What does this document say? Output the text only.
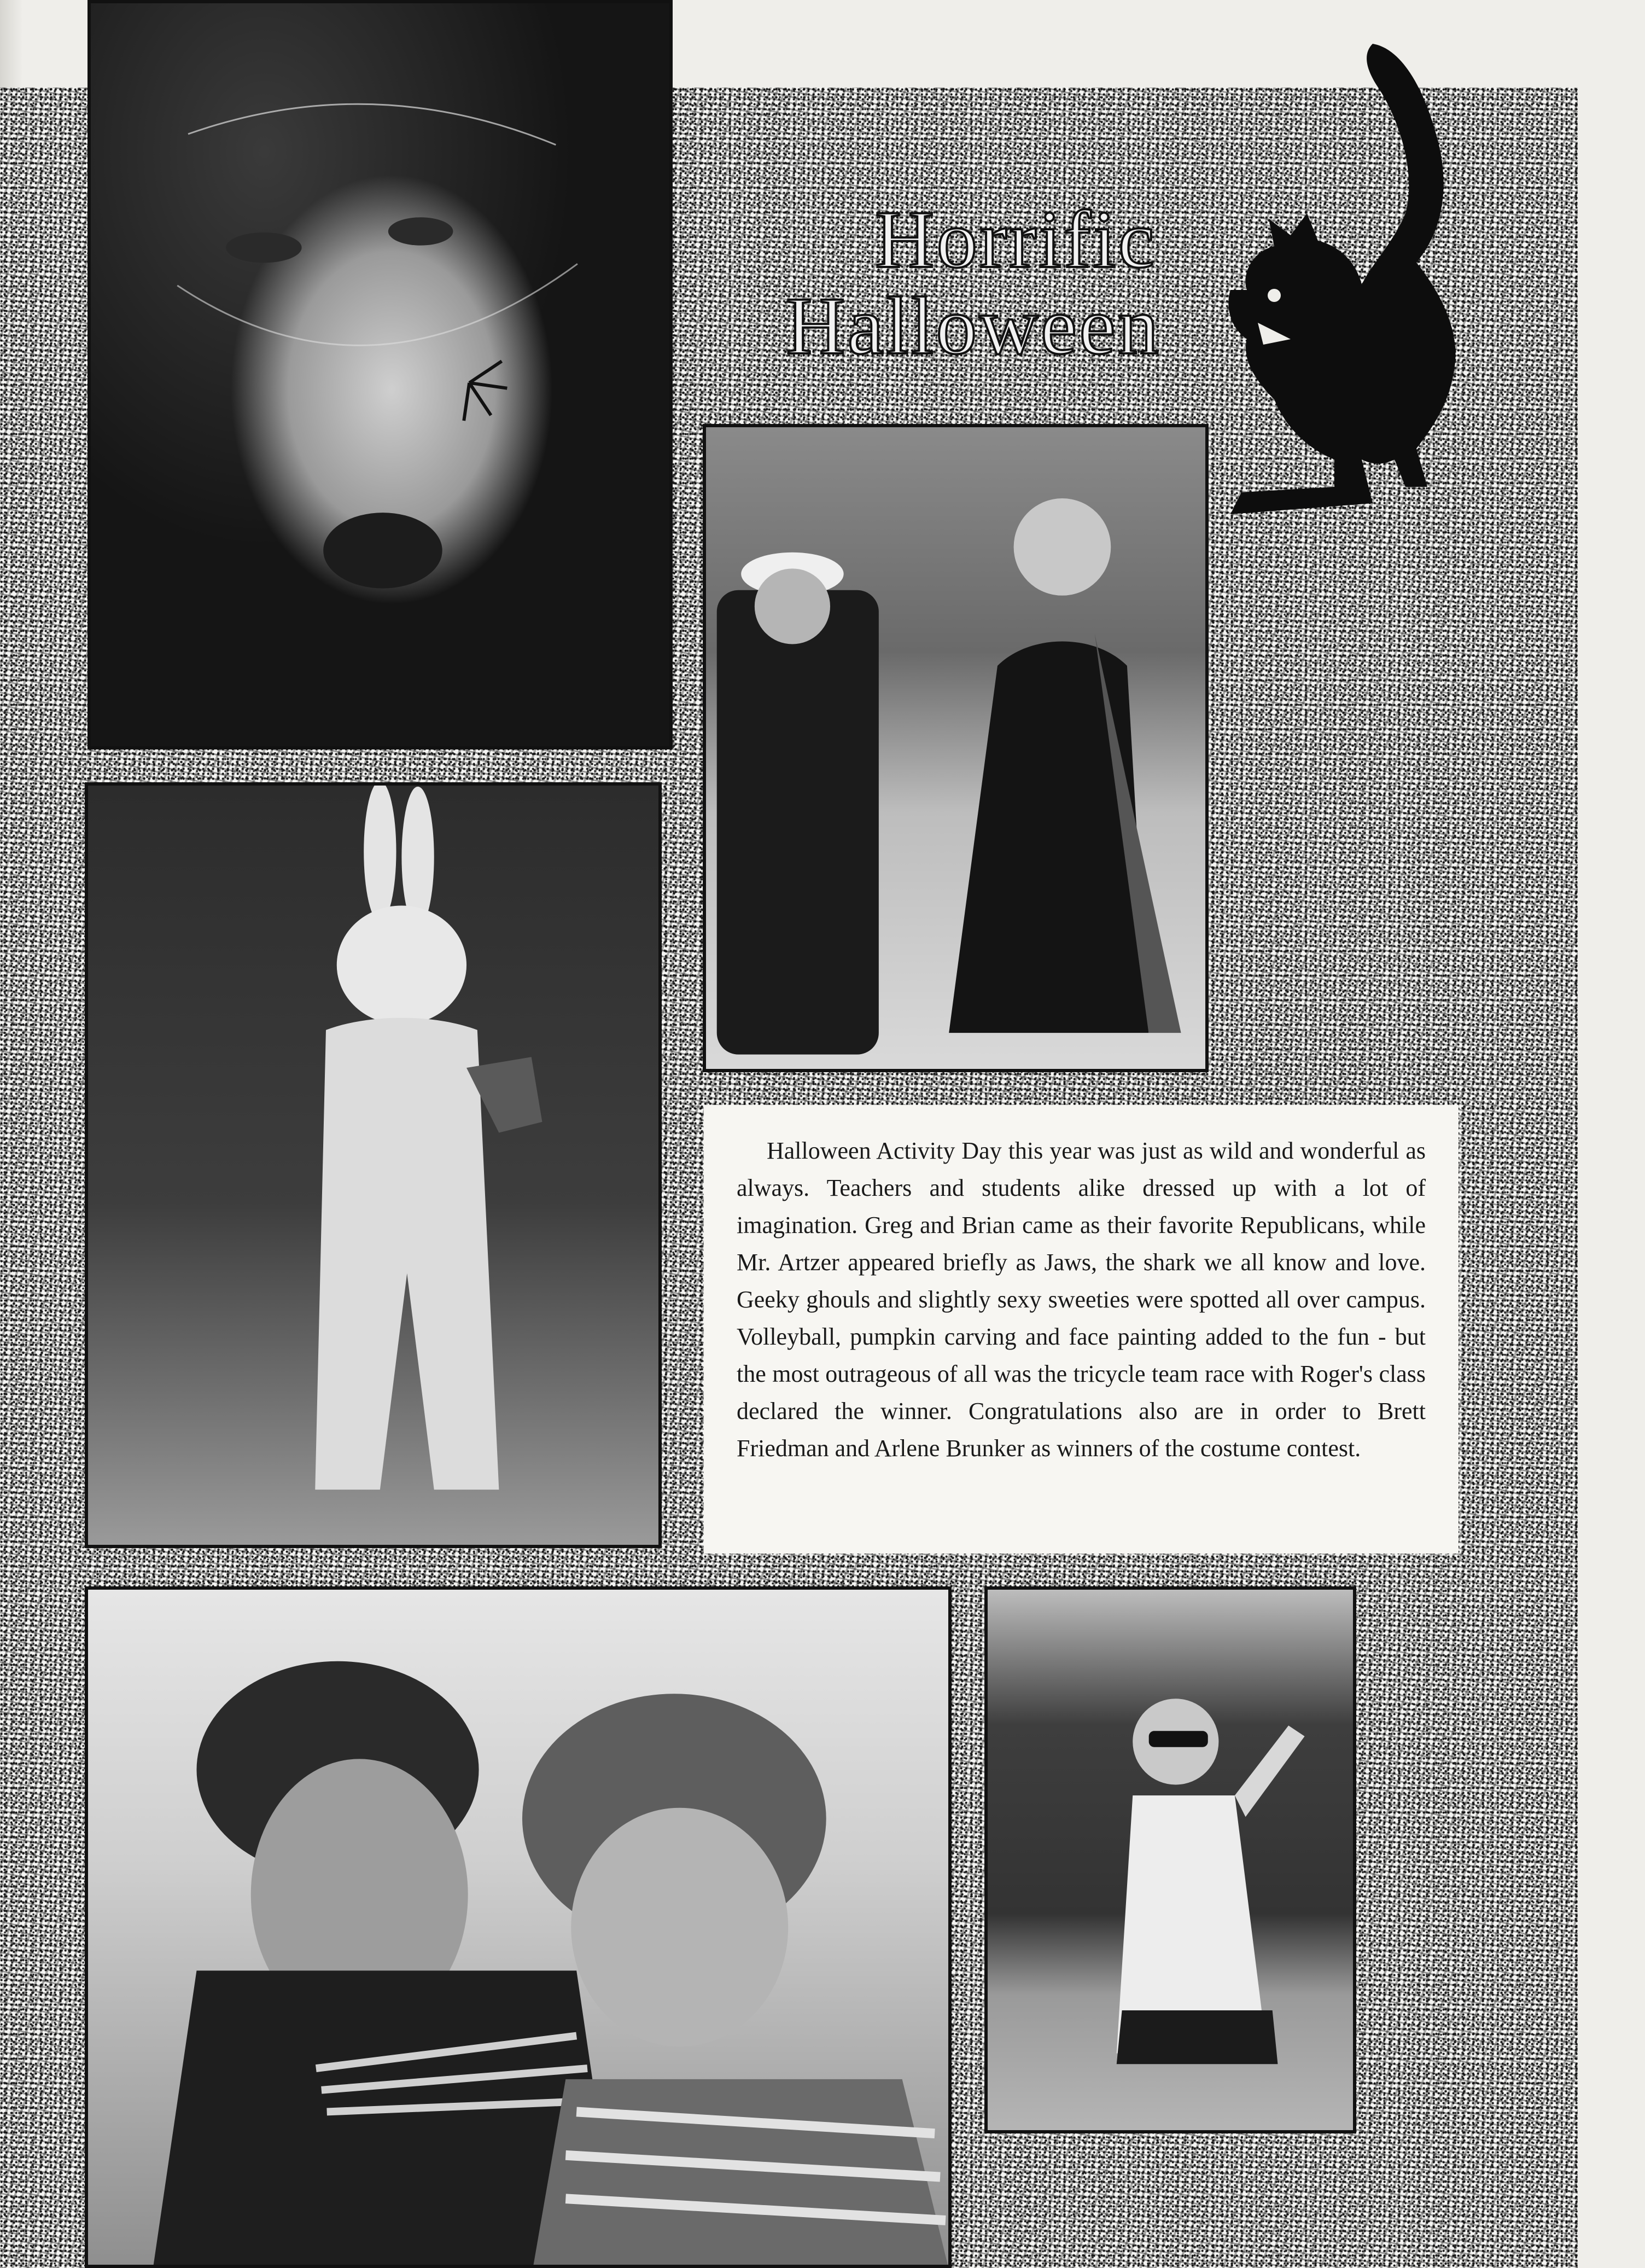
Horrific
Halloween
Halloween Activity Day this year was just as wild and wonderful as always. Teachers and students alike dressed up with a lot of imagination. Greg and Brian came as their favorite Republicans, while Mr. Artzer appeared briefly as Jaws, the shark we all know and love. Geeky ghouls and slightly sexy sweeties were spotted all over campus. Volleyball, pumpkin carving and face painting added to the fun - but the most outrageous of all was the tricycle team race with Roger's class declared the winner. Congratulations also are in order to Brett Friedman and Arlene Brunker as winners of the costume contest.
